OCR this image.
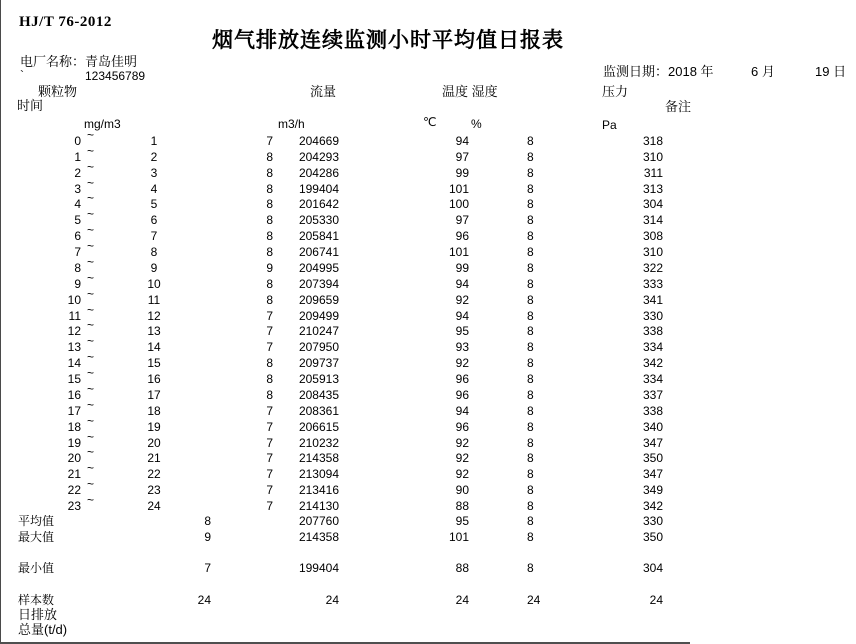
HJ/T 76-2012
烟气排放连续监测小时平均值日报表
电厂名称：青岛佳明
`	123456789	监测日期：2018 年	6 月	19 日
颗粒物	流量	温度 湿度	压力
时间	备注
mg/m3	m3/h	℃	%	Pa
0 ~	1	7	204669	94	8	318
1 ~	2	8	204293	97	8	310
2 ~	3	8	204286	99	8	311
3 ~	4	8	199404	101	8	313
4 ~	5	8	201642	100	8	304
5 ~	6	8	205330	97	8	314
6 ~	7	8	205841	96	8	308
7 ~	8	8	206741	101	8	310
8 ~	9	9	204995	99	8	322
9 ~	10	8	207394	94	8	333
10 ~	11	8	209659	92	8	341
11 ~	12	7	209499	94	8	330
12 ~	13	7	210247	95	8	338
13 ~	14	7	207950	93	8	334
14 ~	15	8	209737	92	8	342
15 ~	16	8	205913	96	8	334
16 ~	17	8	208435	96	8	337
17 ~	18	7	208361	94	8	338
18 ~	19	7	206615	96	8	340
19 ~	20	7	210232	92	8	347
20 ~	21	7	214358	92	8	350
21 ~	22	7	213094	92	8	347
22 ~	23	7	213416	90	8	349
23 ~	24	7	214130	88	8	342
平均值	8	207760	95	8	330
最大值	9	214358	101	8	350
最小值	7	199404	88	8	304
样本数	24	24	24	24	24
日排放
总量(t/d)
